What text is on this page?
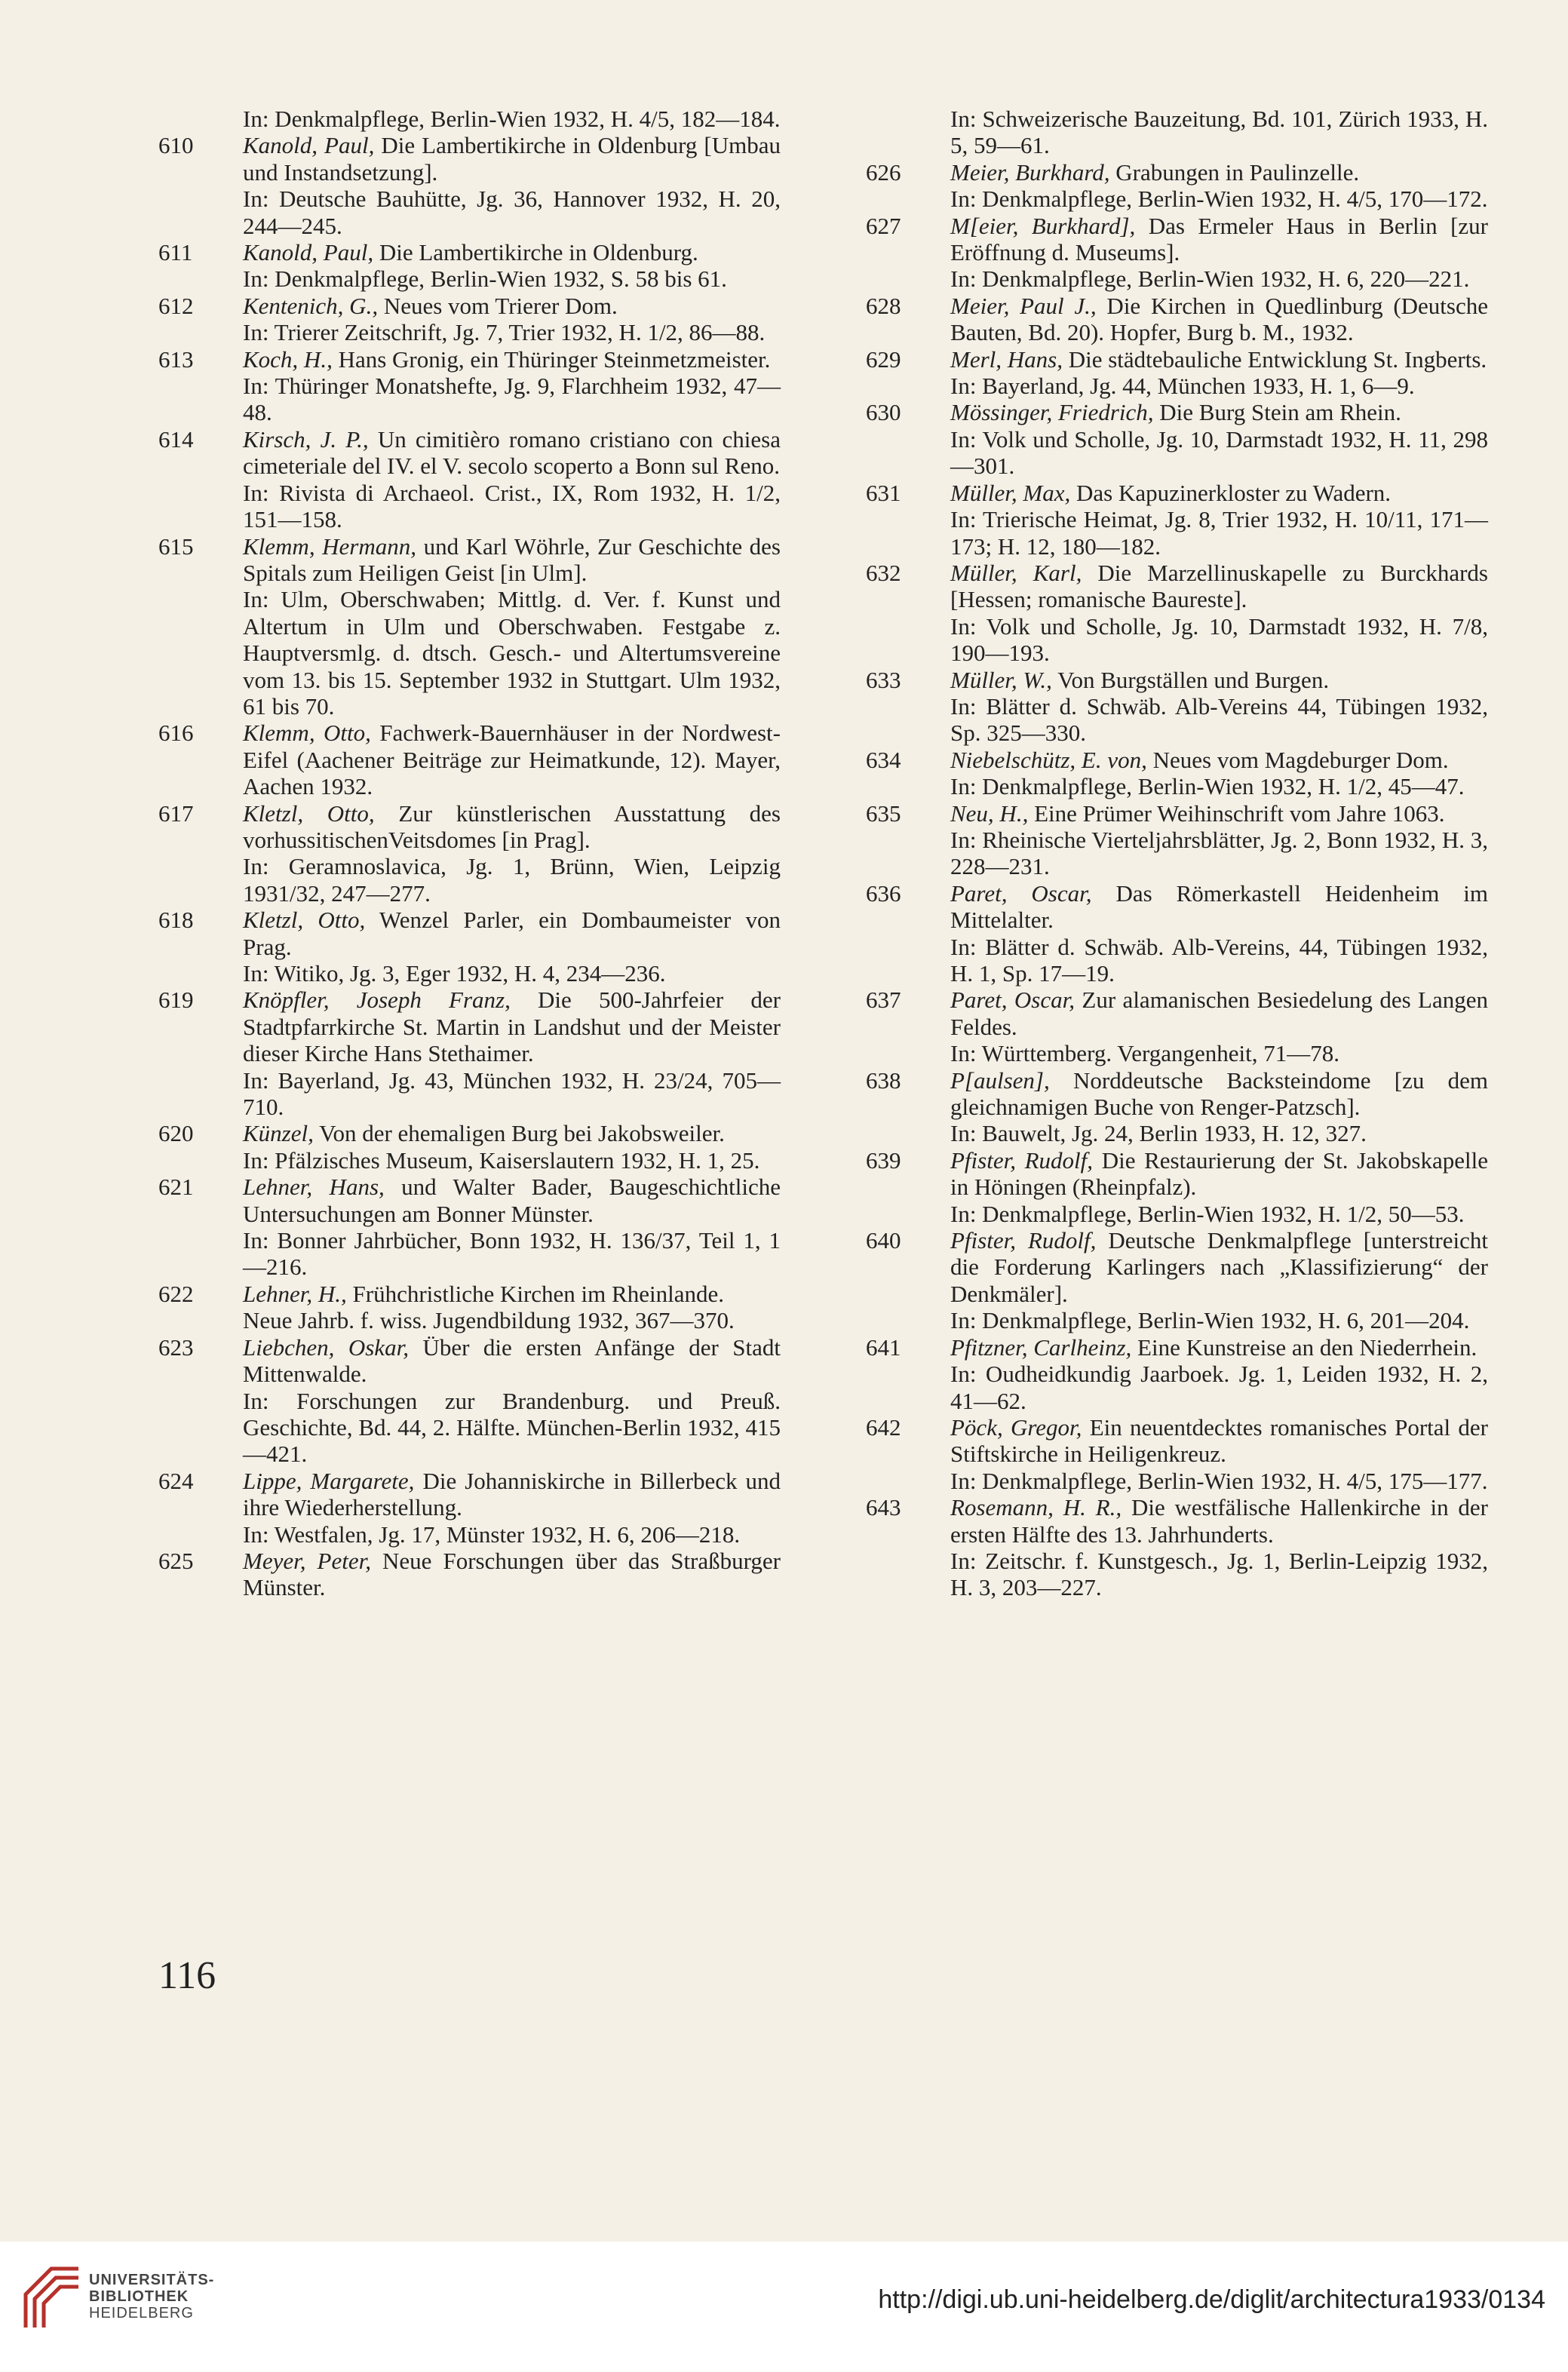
In: Denkmalpflege, Berlin-Wien 1932, H. 4/5, 182—184.
610 Kanold, Paul, Die Lambertikirche in Oldenburg [Umbau und Instandsetzung].
In: Deutsche Bauhütte, Jg. 36, Hannover 1932, H. 20, 244—245.
611 Kanold, Paul, Die Lambertikirche in Oldenburg.
In: Denkmalpflege, Berlin-Wien 1932, S. 58 bis 61.
612 Kentenich, G., Neues vom Trierer Dom.
In: Trierer Zeitschrift, Jg. 7, Trier 1932, H. 1/2, 86—88.
613 Koch, H., Hans Gronig, ein Thüringer Steinmetzmeister.
In: Thüringer Monatshefte, Jg. 9, Flarchheim 1932, 47—48.
614 Kirsch, J. P., Un cimitièro romano cristiano con chiesa cimeteriale del IV. el V. secolo scoperto a Bonn sul Reno.
In: Rivista di Archaeol. Crist., IX, Rom 1932, H. 1/2, 151—158.
615 Klemm, Hermann, und Karl Wöhrle, Zur Geschichte des Spitals zum Heiligen Geist [in Ulm].
In: Ulm, Oberschwaben; Mittlg. d. Ver. f. Kunst und Altertum in Ulm und Oberschwaben. Festgabe z. Hauptversmlg. d. dtsch. Gesch.- und Altertumsvereine vom 13. bis 15. September 1932 in Stuttgart. Ulm 1932, 61 bis 70.
616 Klemm, Otto, Fachwerk-Bauernhäuser in der Nordwest-Eifel (Aachener Beiträge zur Heimatkunde, 12). Mayer, Aachen 1932.
617 Kletzl, Otto, Zur künstlerischen Ausstattung des vorhussitischenVeitsdomes [in Prag].
In: Geramnoslavica, Jg. 1, Brünn, Wien, Leipzig 1931/32, 247—277.
618 Kletzl, Otto, Wenzel Parler, ein Dombaumeister von Prag.
In: Witiko, Jg. 3, Eger 1932, H. 4, 234—236.
619 Knöpfler, Joseph Franz, Die 500-Jahrfeier der Stadtpfarrkirche St. Martin in Landshut und der Meister dieser Kirche Hans Stethaimer.
In: Bayerland, Jg. 43, München 1932, H. 23/24, 705—710.
620 Künzel, Von der ehemaligen Burg bei Jakobsweiler.
In: Pfälzisches Museum, Kaiserslautern 1932, H. 1, 25.
621 Lehner, Hans, und Walter Bader, Baugeschichtliche Untersuchungen am Bonner Münster.
In: Bonner Jahrbücher, Bonn 1932, H. 136/37, Teil 1, 1—216.
622 Lehner, H., Frühchristliche Kirchen im Rheinlande.
Neue Jahrb. f. wiss. Jugendbildung 1932, 367—370.
623 Liebchen, Oskar, Über die ersten Anfänge der Stadt Mittenwalde.
In: Forschungen zur Brandenburg. und Preuß. Geschichte, Bd. 44, 2. Hälfte. München-Berlin 1932, 415—421.
624 Lippe, Margarete, Die Johanniskirche in Billerbeck und ihre Wiederherstellung.
In: Westfalen, Jg. 17, Münster 1932, H. 6, 206—218.
625 Meyer, Peter, Neue Forschungen über das Straßburger Münster.
In: Schweizerische Bauzeitung, Bd. 101, Zürich 1933, H. 5, 59—61.
626 Meier, Burkhard, Grabungen in Paulinzelle.
In: Denkmalpflege, Berlin-Wien 1932, H. 4/5, 170—172.
627 M[eier, Burkhard], Das Ermeler Haus in Berlin [zur Eröffnung d. Museums].
In: Denkmalpflege, Berlin-Wien 1932, H. 6, 220—221.
628 Meier, Paul J., Die Kirchen in Quedlinburg (Deutsche Bauten, Bd. 20). Hopfer, Burg b. M., 1932.
629 Merl, Hans, Die städtebauliche Entwicklung St. Ingberts.
In: Bayerland, Jg. 44, München 1933, H. 1, 6—9.
630 Mössinger, Friedrich, Die Burg Stein am Rhein.
In: Volk und Scholle, Jg. 10, Darmstadt 1932, H. 11, 298—301.
631 Müller, Max, Das Kapuzinerkloster zu Wadern.
In: Trierische Heimat, Jg. 8, Trier 1932, H. 10/11, 171—173; H. 12, 180—182.
632 Müller, Karl, Die Marzellinuskapelle zu Burckhards [Hessen; romanische Baureste].
In: Volk und Scholle, Jg. 10, Darmstadt 1932, H. 7/8, 190—193.
633 Müller, W., Von Burgställen und Burgen.
In: Blätter d. Schwäb. Alb-Vereins 44, Tübingen 1932, Sp. 325—330.
634 Niebelschütz, E. von, Neues vom Magdeburger Dom.
In: Denkmalpflege, Berlin-Wien 1932, H. 1/2, 45—47.
635 Neu, H., Eine Prümer Weihinschrift vom Jahre 1063.
In: Rheinische Vierteljahrsblätter, Jg. 2, Bonn 1932, H. 3, 228—231.
636 Paret, Oscar, Das Römerkastell Heidenheim im Mittelalter.
In: Blätter d. Schwäb. Alb-Vereins, 44, Tübingen 1932, H. 1, Sp. 17—19.
637 Paret, Oscar, Zur alamanischen Besiedelung des Langen Feldes.
In: Württemberg. Vergangenheit, 71—78.
638 P[aulsen], Norddeutsche Backsteindome [zu dem gleichnamigen Buche von Renger-Patzsch].
In: Bauwelt, Jg. 24, Berlin 1933, H. 12, 327.
639 Pfister, Rudolf, Die Restaurierung der St. Jakobskapelle in Höningen (Rheinpfalz).
In: Denkmalpflege, Berlin-Wien 1932, H. 1/2, 50—53.
640 Pfister, Rudolf, Deutsche Denkmalpflege [unterstreicht die Forderung Karlingers nach „Klassifizierung“ der Denkmäler].
In: Denkmalpflege, Berlin-Wien 1932, H. 6, 201—204.
641 Pfitzner, Carlheinz, Eine Kunstreise an den Niederrhein.
In: Oudheidkundig Jaarboek. Jg. 1, Leiden 1932, H. 2, 41—62.
642 Pöck, Gregor, Ein neuentdecktes romanisches Portal der Stiftskirche in Heiligenkreuz.
In: Denkmalpflege, Berlin-Wien 1932, H. 4/5, 175—177.
643 Rosemann, H. R., Die westfälische Hallenkirche in der ersten Hälfte des 13. Jahrhunderts.
In: Zeitschr. f. Kunstgesch., Jg. 1, Berlin-Leipzig 1932, H. 3, 203—227.
116
UNIVERSITÄTS-
BIBLIOTHEK
HEIDELBERG	http://digi.ub.uni-heidelberg.de/diglit/architectura1933/0134
